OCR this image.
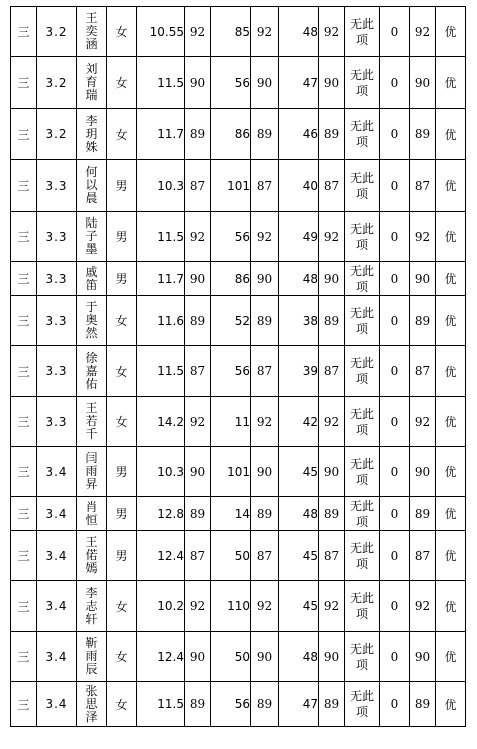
三	3.2	王奕涵	女	10.55	92	85	92	48	92	无此项	0	92	优
三	3.2	刘育瑞	女	11.5	90	56	90	47	90	无此项	0	90	优
三	3.2	李玥姝	女	11.7	89	86	89	46	89	无此项	0	89	优
三	3.3	何以晨	男	10.3	87	101	87	40	87	无此项	0	87	优
三	3.3	陆子墨	男	11.5	92	56	92	49	92	无此项	0	92	优
三	3.3	戚笛	男	11.7	90	86	90	48	90	无此项	0	90	优
三	3.3	于奥然	女	11.6	89	52	89	38	89	无此项	0	89	优
三	3.3	徐嘉佑	女	11.5	87	56	87	39	87	无此项	0	87	优
三	3.3	王若千	女	14.2	92	11	92	42	92	无此项	0	92	优
三	3.4	闫雨昇	男	10.3	90	101	90	45	90	无此项	0	90	优
三	3.4	肖恒	男	12.8	89	14	89	48	89	无此项	0	89	优
三	3.4	王偌嫣	男	12.4	87	50	87	45	87	无此项	0	87	优
三	3.4	李志轩	女	10.2	92	110	92	45	92	无此项	0	92	优
三	3.4	靳雨辰	女	12.4	90	50	90	48	90	无此项	0	90	优
三	3.4	张思泽	女	11.5	89	56	89	47	89	无此项	0	89	优
